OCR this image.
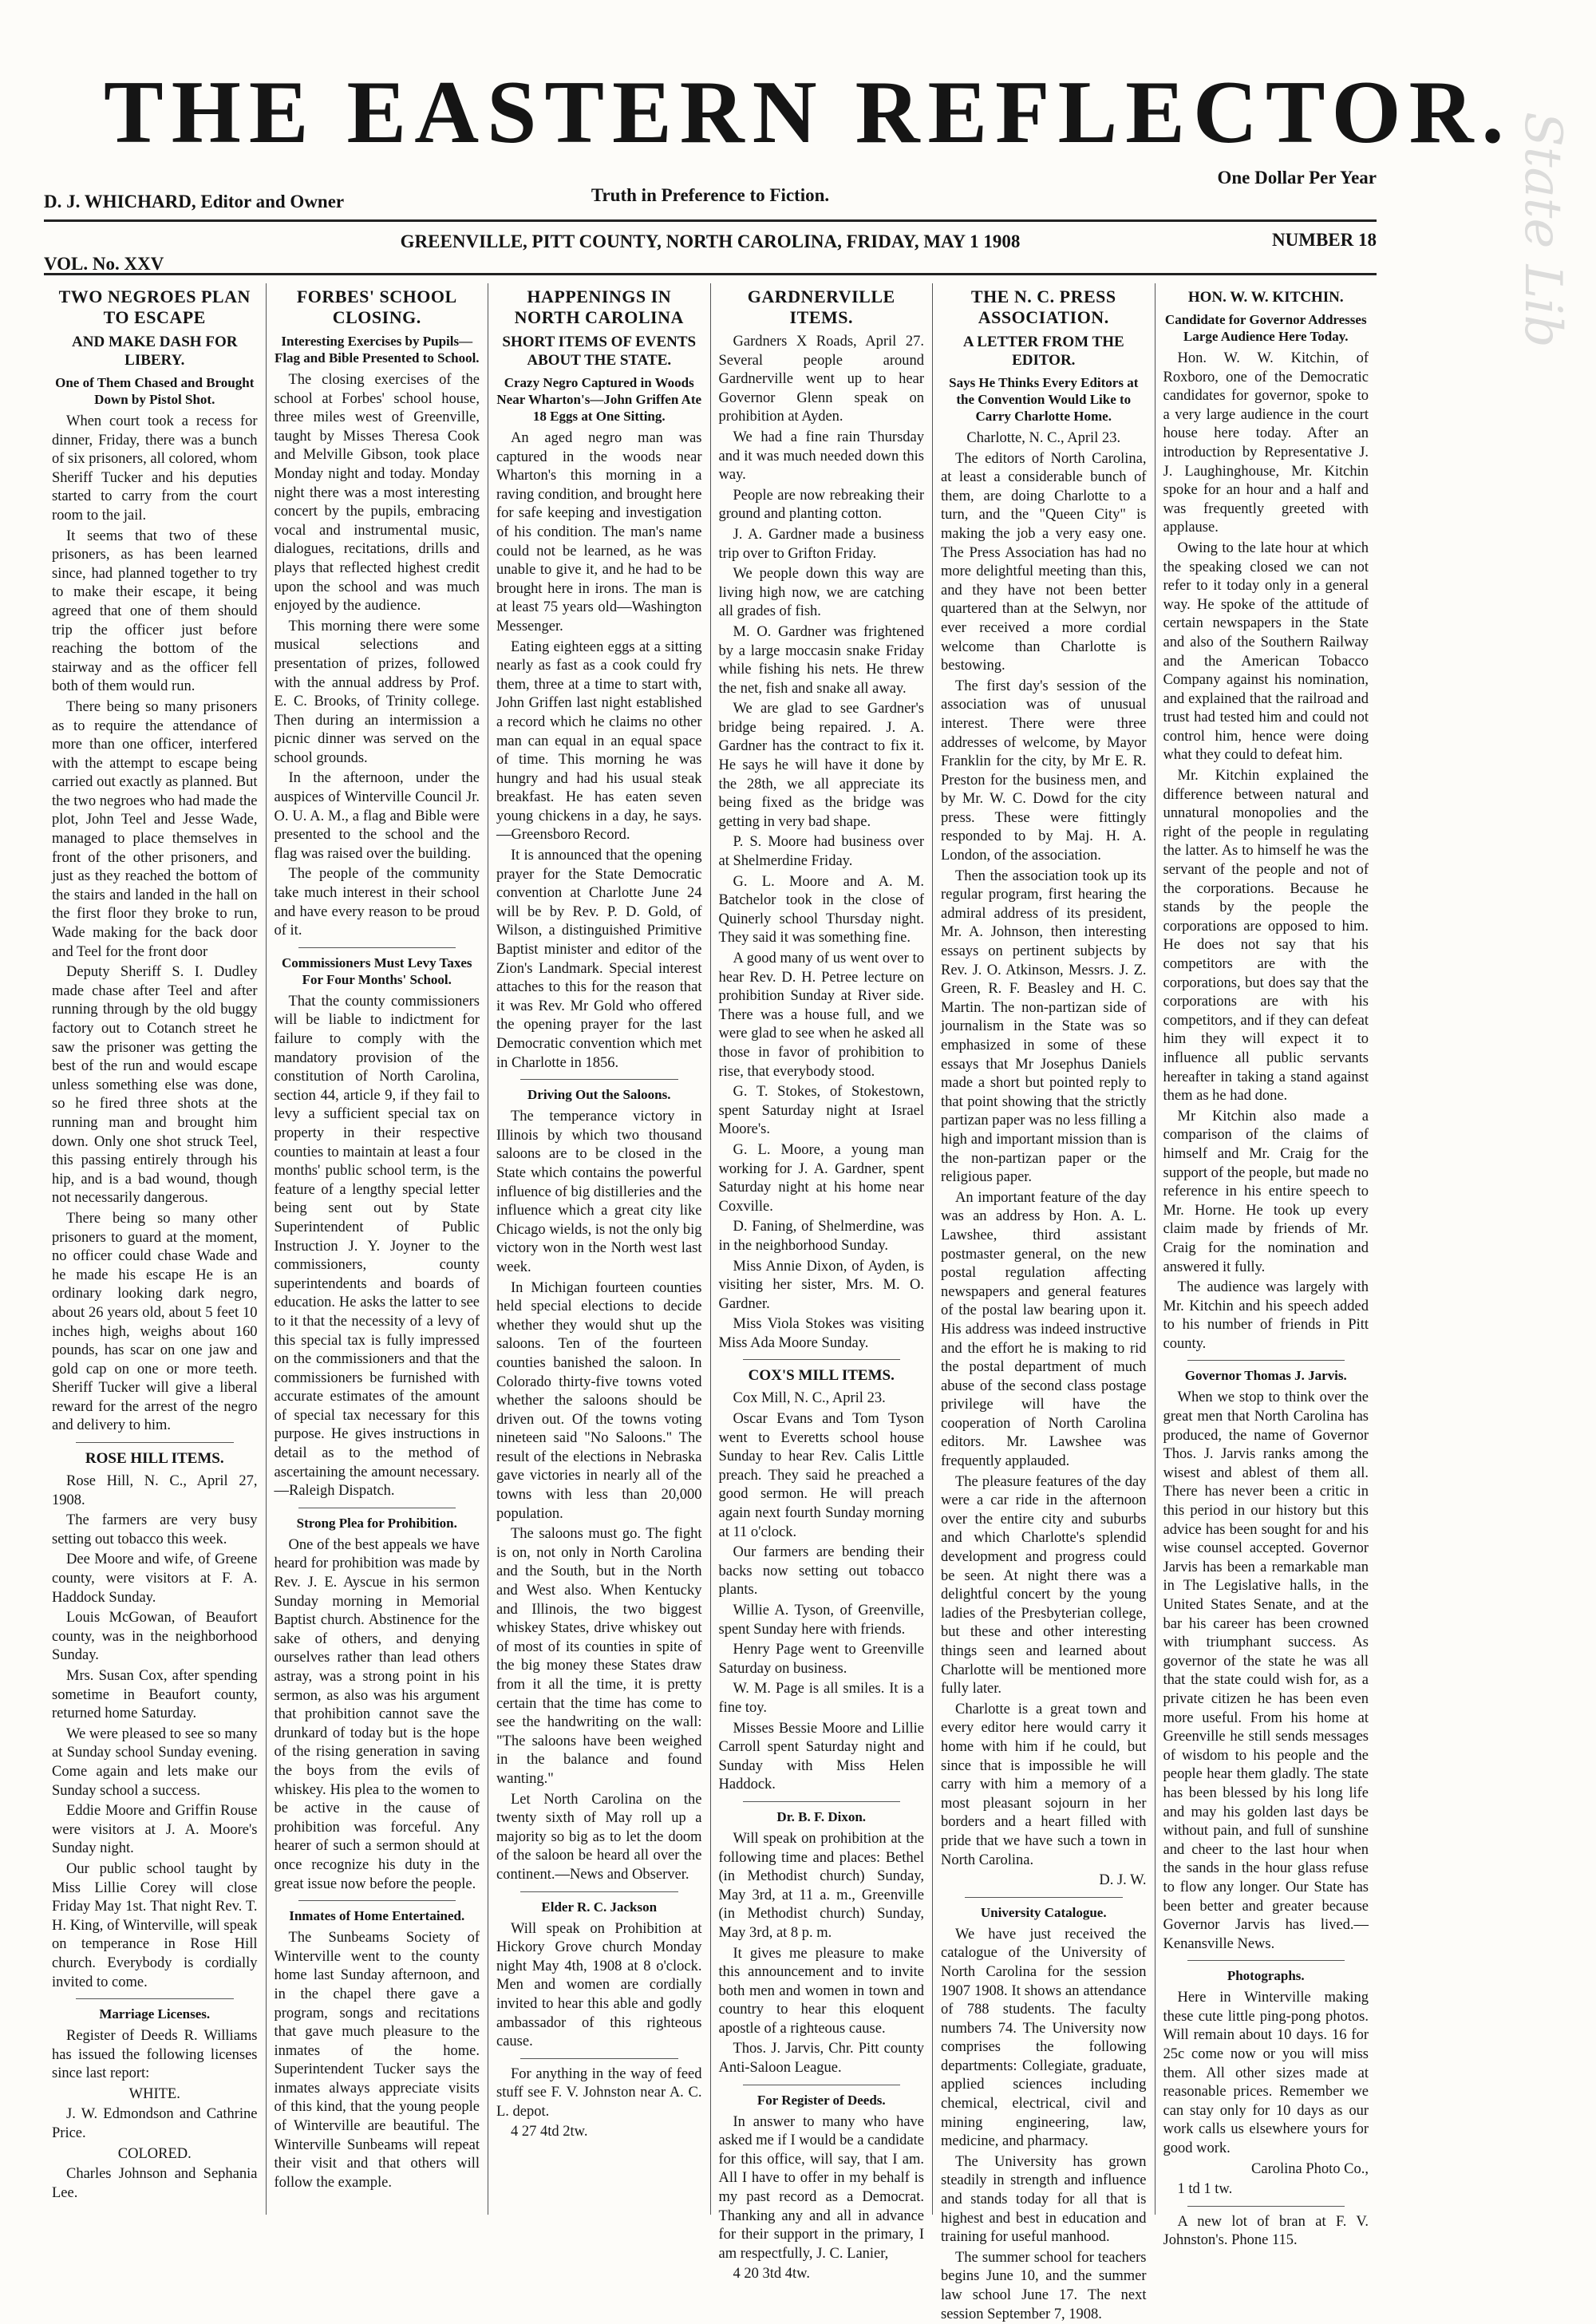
THE EASTERN REFLECTOR. State Lib
D. J. WHICHARD, Editor and Owner	Truth in Preference to Fiction.
One Dollar Per Year
VOL. No. XXV
GREENVILLE, PITT COUNTY, NORTH CAROLINA, FRIDAY, MAY 1 1908	NUMBER 18
TWO NEGROES PLAN TO ESCAPE
AND MAKE DASH FOR LIBERY.
One of Them Chased and Brought Down by Pistol Shot.

When court took a recess for dinner, Friday, there was a bunch of six prisoners, all colored, whom Sheriff Tucker and his deputies started to carry from the court room to the jail.

It seems that two of these prisoners, as has been learned since, had planned together to try to make their escape, it being agreed that one of them should trip the officer just before reaching the bottom of the stairway and as the officer fell both of them would run.

There being so many prisoners as to require the attendance of more than one officer, interfered with the attempt to escape being carried out exactly as planned. But the two negroes who had made the plot, John Teel and Jesse Wade, managed to place themselves in front of the other prisoners, and just as they reached the bottom of the stairs and landed in the hall on the first floor they broke to run, Wade making for the back door and Teel for the front door

Deputy Sheriff S. I. Dudley made chase after Teel and after running through by the old buggy factory out to Cotanch street he saw the prisoner was getting the best of the run and would escape unless something else was done, so he fired three shots at the running man and brought him down. Only one shot struck Teel, this passing entirely through his hip, and is a bad wound, though not necessarily dangerous.

There being so many other prisoners to guard at the moment, no officer could chase Wade and he made his escape He is an ordinary looking dark negro, about 26 years old, about 5 feet 10 inches high, weighs about 160 pounds, has scar on one jaw and gold cap on one or more teeth. Sheriff Tucker will give a liberal reward for the arrest of the negro and delivery to him.

ROSE HILL ITEMS.

Rose Hill, N. C., April 27, 1908.

The farmers are very busy setting out tobacco this week.

Dee Moore and wife, of Greene county, were visitors at F. A. Haddock Sunday.

Louis McGowan, of Beaufort county, was in the neighborhood Sunday.

Mrs. Susan Cox, after spending sometime in Beaufort county, returned home Saturday.

We were pleased to see so many at Sunday school Sunday evening. Come again and lets make our Sunday school a success.

Eddie Moore and Griffin Rouse were visitors at J. A. Moore's Sunday night.

Our public school taught by Miss Lillie Corey will close Friday May 1st. That night Rev. T. H. King, of Winterville, will speak on temperance in Rose Hill church. Everybody is cordially invited to come.

Marriage Licenses.

Register of Deeds R. Williams has issued the following licenses since last report:

WHITE.

J. W. Edmondson and Cathrine Price.

COLORED.

Charles Johnson and Sephania Lee.

FORBES' SCHOOL CLOSING.
Interesting Exercises by Pupils—Flag and Bible Presented to School.

The closing exercises of the school at Forbes' school house, three miles west of Greenville, taught by Misses Theresa Cook and Melville Gibson, took place Monday night and today. Monday night there was a most interesting concert by the pupils, embracing vocal and instrumental music, dialogues, recitations, drills and plays that reflected highest credit upon the school and was much enjoyed by the audience.

This morning there were some musical selections and presentation of prizes, followed with the annual address by Prof. E. C. Brooks, of Trinity college. Then during an intermission a picnic dinner was served on the school grounds.

In the afternoon, under the auspices of Winterville Council Jr. O. U. A. M., a flag and Bible were presented to the school and the flag was raised over the building.

The people of the community take much interest in their school and have every reason to be proud of it.

Commissioners Must Levy Taxes For Four Months' School.

That the county commissioners will be liable to indictment for failure to comply with the mandatory provision of the constitution of North Carolina, section 44, article 9, if they fail to levy a sufficient special tax on property in their respective counties to maintain at least a four months' public school term, is the feature of a lengthy special letter being sent out by State Superintendent of Public Instruction J. Y. Joyner to the commissioners, county superintendents and boards of education. He asks the latter to see to it that the necessity of a levy of this special tax is fully impressed on the commissioners and that the commissioners be furnished with accurate estimates of the amount of special tax necessary for this purpose. He gives instructions in detail as to the method of ascertaining the amount necessary.—Raleigh Dispatch.

Strong Plea for Prohibition.

One of the best appeals we have heard for prohibition was made by Rev. J. E. Ayscue in his sermon Sunday morning in Memorial Baptist church. Abstinence for the sake of others, and denying ourselves rather than lead others astray, was a strong point in his sermon, as also was his argument that prohibition cannot save the drunkard of today but is the hope of the rising generation in saving the boys from the evils of whiskey. His plea to the women to be active in the cause of prohibition was forceful. Any hearer of such a sermon should at once recognize his duty in the great issue now before the people.

Inmates of Home Entertained.

The Sunbeams Society of Winterville went to the county home last Sunday afternoon, and in the chapel there gave a program, songs and recitations that gave much pleasure to the inmates of the home. Superintendent Tucker says the inmates always appreciate visits of this kind, that the young people of Winterville are beautiful. The Winterville Sunbeams will repeat their visit and that others will follow the example.

HAPPENINGS IN NORTH CAROLINA
SHORT ITEMS OF EVENTS ABOUT THE STATE.
Crazy Negro Captured in Woods Near Wharton's—John Griffen Ate 18 Eggs at One Sitting.

An aged negro man was captured in the woods near Wharton's this morning in a raving condition, and brought here for safe keeping and investigation of his condition. The man's name could not be learned, as he was unable to give it, and he had to be brought here in irons. The man is at least 75 years old—Washington Messenger.

Eating eighteen eggs at a sitting nearly as fast as a cook could fry them, three at a time to start with, John Griffen last night established a record which he claims no other man can equal in an equal space of time. This morning he was hungry and had his usual steak breakfast. He has eaten seven young chickens in a day, he says.—Greensboro Record.

It is announced that the opening prayer for the State Democratic convention at Charlotte June 24 will be by Rev. P. D. Gold, of Wilson, a distinguished Primitive Baptist minister and editor of the Zion's Landmark. Special interest attaches to this for the reason that it was Rev. Mr Gold who offered the opening prayer for the last Democratic convention which met in Charlotte in 1856.

Driving Out the Saloons.

The temperance victory in Illinois by which two thousand saloons are to be closed in the State which contains the powerful influence of big distilleries and the influence which a great city like Chicago wields, is not the only big victory won in the North west last week.

In Michigan fourteen counties held special elections to decide whether they would shut up the saloons. Ten of the fourteen counties banished the saloon. In Colorado thirty-five towns voted whether the saloons should be driven out. Of the towns voting nineteen said "No Saloons." The result of the elections in Nebraska gave victories in nearly all of the towns with less than 20,000 population.

The saloons must go. The fight is on, not only in North Carolina and the South, but in the North and West also. When Kentucky and Illinois, the two biggest whiskey States, drive whiskey out of most of its counties in spite of the big money these States draw from it all the time, it is pretty certain that the time has come to see the handwriting on the wall: "The saloons have been weighed in the balance and found wanting."

Let North Carolina on the twenty sixth of May roll up a majority so big as to let the doom of the saloon be heard all over the continent.—News and Observer.

Elder R. C. Jackson

Will speak on Prohibition at Hickory Grove church Monday night May 4th, 1908 at 8 o'clock. Men and women are cordially invited to hear this able and godly ambassador of this righteous cause.

For anything in the way of feed stuff see F. V. Johnston near A. C. L. depot.

4 27 4td 2tw.

GARDNERVILLE ITEMS.

Gardners X Roads, April 27. Several people around Gardnerville went up to hear Governor Glenn speak on prohibition at Ayden.

We had a fine rain Thursday and it was much needed down this way.

People are now rebreaking their ground and planting cotton.

J. A. Gardner made a business trip over to Grifton Friday.

We people down this way are living high now, we are catching all grades of fish.

M. O. Gardner was frightened by a large moccasin snake Friday while fishing his nets. He threw the net, fish and snake all away.

We are glad to see Gardner's bridge being repaired. J. A. Gardner has the contract to fix it. He says he will have it done by the 28th, we all appreciate its being fixed as the bridge was getting in very bad shape.

P. S. Moore had business over at Shelmerdine Friday.

G. L. Moore and A. M. Batchelor took in the close of Quinerly school Thursday night. They said it was something fine.

A good many of us went over to hear Rev. D. H. Petree lecture on prohibition Sunday at River side. There was a house full, and we were glad to see when he asked all those in favor of prohibition to rise, that everybody stood.

G. T. Stokes, of Stokestown, spent Saturday night at Israel Moore's.

G. L. Moore, a young man working for J. A. Gardner, spent Saturday night at his home near Coxville.

D. Faning, of Shelmerdine, was in the neighborhood Sunday.

Miss Annie Dixon, of Ayden, is visiting her sister, Mrs. M. O. Gardner.

Miss Viola Stokes was visiting Miss Ada Moore Sunday.

COX'S MILL ITEMS.

Cox Mill, N. C., April 23.

Oscar Evans and Tom Tyson went to Everetts school house Sunday to hear Rev. Calis Little preach. They said he preached a good sermon. He will preach again next fourth Sunday morning at 11 o'clock.

Our farmers are bending their backs now setting out tobacco plants.

Willie A. Tyson, of Greenville, spent Sunday here with friends.

Henry Page went to Greenville Saturday on business.

W. M. Page is all smiles. It is a fine toy.

Misses Bessie Moore and Lillie Carroll spent Saturday night and Sunday with Miss Helen Haddock.

Dr. B. F. Dixon.

Will speak on prohibition at the following time and places: Bethel (in Methodist church) Sunday, May 3rd, at 11 a. m., Greenville (in Methodist church) Sunday, May 3rd, at 8 p. m.

It gives me pleasure to make this announcement and to invite both men and women in town and country to hear this eloquent apostle of a righteous cause.

Thos. J. Jarvis, Chr. Pitt county Anti-Saloon League.

For Register of Deeds.

In answer to many who have asked me if I would be a candidate for this office, will say, that I am. All I have to offer in my behalf is my past record as a Democrat. Thanking any and all in advance for their support in the primary, I am respectfully, J. C. Lanier,

4 20 3td 4tw.

THE N. C. PRESS ASSOCIATION.
A LETTER FROM THE EDITOR.
Says He Thinks Every Editors at the Convention Would Like to Carry Charlotte Home.

Charlotte, N. C., April 23.

The editors of North Carolina, at least a considerable bunch of them, are doing Charlotte to a turn, and the "Queen City" is making the job a very easy one. The Press Association has had no more delightful meeting than this, and they have not been better quartered than at the Selwyn, nor ever received a more cordial welcome than Charlotte is bestowing.

The first day's session of the association was of unusual interest. There were three addresses of welcome, by Mayor Franklin for the city, by Mr E. R. Preston for the business men, and by Mr. W. C. Dowd for the city press. These were fittingly responded to by Maj. H. A. London, of the association.

Then the association took up its regular program, first hearing the admiral address of its president, Mr. A. Johnson, then interesting essays on pertinent subjects by Rev. J. O. Atkinson, Messrs. J. Z. Green, R. F. Beasley and H. C. Martin. The non-partizan side of journalism in the State was so emphasized in some of these essays that Mr Josephus Daniels made a short but pointed reply to that point showing that the strictly partizan paper was no less filling a high and important mission than is the non-partizan paper or the religious paper.

An important feature of the day was an address by Hon. A. L. Lawshee, third assistant postmaster general, on the new postal regulation affecting newspapers and general features of the postal law bearing upon it. His address was indeed instructive and the effort he is making to rid the postal department of much abuse of the second class postage privilege will have the cooperation of North Carolina editors. Mr. Lawshee was frequently applauded.

The pleasure features of the day were a car ride in the afternoon over the entire city and suburbs and which Charlotte's splendid development and progress could be seen. At night there was a delightful concert by the young ladies of the Presbyterian college, but these and other interesting things seen and learned about Charlotte will be mentioned more fully later.

Charlotte is a great town and every editor here would carry it home with him if he could, but since that is impossible he will carry with him a memory of a most pleasant sojourn in her borders and a heart filled with pride that we have such a town in North Carolina.

D. J. W.

University Catalogue.

We have just received the catalogue of the University of North Carolina for the session 1907 1908. It shows an attendance of 788 students. The faculty numbers 74. The University now comprises the following departments: Collegiate, graduate, applied sciences including chemical, electrical, civil and mining engineering, law, medicine, and pharmacy.

The University has grown steadily in strength and influence and stands today for all that is highest and best in education and training for useful manhood.

The summer school for teachers begins June 10, and the summer law school June 17. The next session September 7, 1908.

HON. W. W. KITCHIN.
Candidate for Governor Addresses Large Audience Here Today.

Hon. W. W. Kitchin, of Roxboro, one of the Democratic candidates for governor, spoke to a very large audience in the court house here today. After an introduction by Representative J. J. Laughinghouse, Mr. Kitchin spoke for an hour and a half and was frequently greeted with applause.

Owing to the late hour at which the speaking closed we can not refer to it today only in a general way. He spoke of the attitude of certain newspapers in the State and also of the Southern Railway and the American Tobacco Company against his nomination, and explained that the railroad and trust had tested him and could not control him, hence were doing what they could to defeat him.

Mr. Kitchin explained the difference between natural and unnatural monopolies and the right of the people in regulating the latter. As to himself he was the servant of the people and not of the corporations. Because he stands by the people the corporations are opposed to him. He does not say that his competitors are with the corporations, but does say that the corporations are with his competitors, and if they can defeat him they will expect it to influence all public servants hereafter in taking a stand against them as he had done.

Mr Kitchin also made a comparison of the claims of himself and Mr. Craig for the support of the people, but made no reference in his entire speech to Mr. Horne. He took up every claim made by friends of Mr. Craig for the nomination and answered it fully.

The audience was largely with Mr. Kitchin and his speech added to his number of friends in Pitt county.

Governor Thomas J. Jarvis.

When we stop to think over the great men that North Carolina has produced, the name of Governor Thos. J. Jarvis ranks among the wisest and ablest of them all. There has never been a critic in this period in our history but this advice has been sought for and his wise counsel accepted. Governor Jarvis has been a remarkable man in The Legislative halls, in the United States Senate, and at the bar his career has been crowned with triumphant success. As governor of the state he was all that the state could wish for, as a private citizen he has been even more useful. From his home at Greenville he still sends messages of wisdom to his people and the people hear them gladly. The state has been blessed by his long life and may his golden last days be without pain, and full of sunshine and cheer to the last hour when the sands in the hour glass refuse to flow any longer. Our State has been better and greater because Governor Jarvis has lived.—Kenansville News.

Photographs.

Here in Winterville making these cute little ping-pong photos. Will remain about 10 days. 16 for 25c come now or you will miss them. All other sizes made at reasonable prices. Remember we can stay only for 10 days as our work calls us elsewhere yours for good work.

Carolina Photo Co.,

1 td 1 tw.

A new lot of bran at F. V. Johnston's. Phone 115.
